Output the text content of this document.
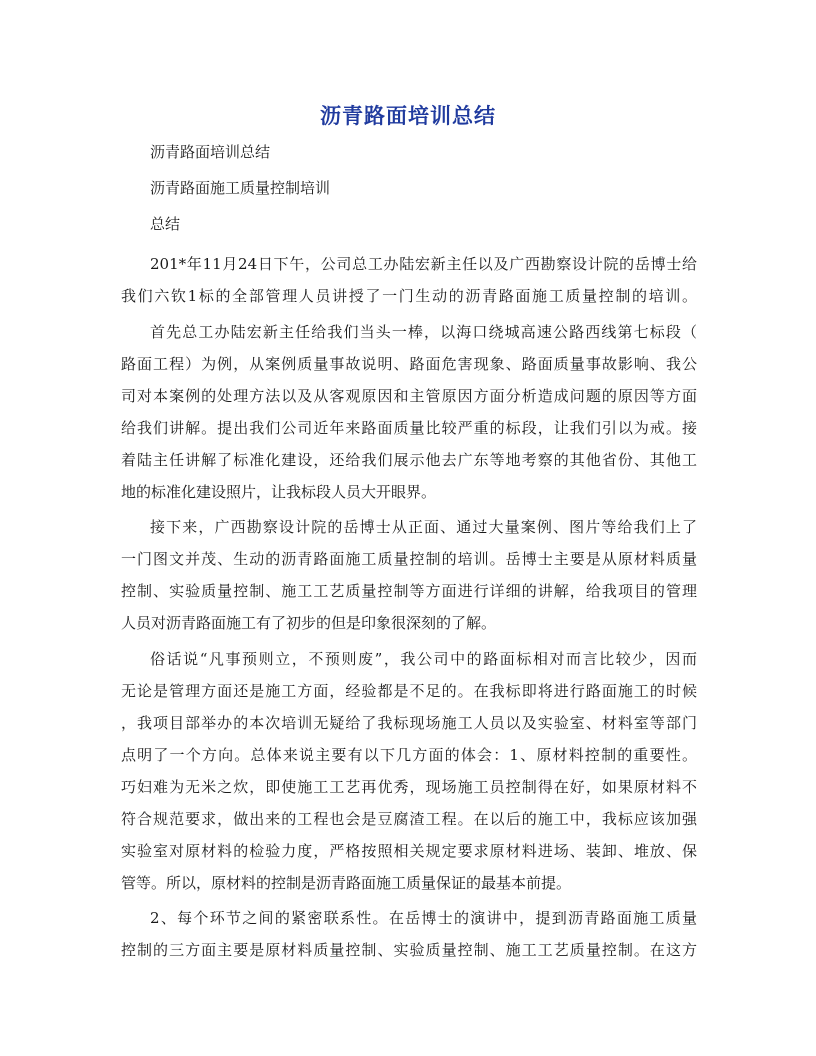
沥青路面培训总结
沥青路面培训总结
沥青路面施工质量控制培训
总结
201*年11月24日下午，公司总工办陆宏新主任以及广西勘察设计院的岳博士给
我们六钦1标的全部管理人员讲授了一门生动的沥青路面施工质量控制的培训。
首先总工办陆宏新主任给我们当头一棒，以海口绕城高速公路西线第七标段（
路面工程）为例，从案例质量事故说明、路面危害现象、路面质量事故影响、我公
司对本案例的处理方法以及从客观原因和主管原因方面分析造成问题的原因等方面
给我们讲解。提出我们公司近年来路面质量比较严重的标段，让我们引以为戒。接
着陆主任讲解了标准化建设，还给我们展示他去广东等地考察的其他省份、其他工
地的标准化建设照片，让我标段人员大开眼界。
接下来，广西勘察设计院的岳博士从正面、通过大量案例、图片等给我们上了
一门图文并茂、生动的沥青路面施工质量控制的培训。岳博士主要是从原材料质量
控制、实验质量控制、施工工艺质量控制等方面进行详细的讲解，给我项目的管理
人员对沥青路面施工有了初步的但是印象很深刻的了解。
俗话说“凡事预则立，不预则废”，我公司中的路面标相对而言比较少，因而
无论是管理方面还是施工方面，经验都是不足的。在我标即将进行路面施工的时候
，我项目部举办的本次培训无疑给了我标现场施工人员以及实验室、材料室等部门
点明了一个方向。总体来说主要有以下几方面的体会：1、原材料控制的重要性。
巧妇难为无米之炊，即使施工工艺再优秀，现场施工员控制得在好，如果原材料不
符合规范要求，做出来的工程也会是豆腐渣工程。在以后的施工中，我标应该加强
实验室对原材料的检验力度，严格按照相关规定要求原材料进场、装卸、堆放、保
管等。所以，原材料的控制是沥青路面施工质量保证的最基本前提。
2、每个环节之间的紧密联系性。在岳博士的演讲中，提到沥青路面施工质量
控制的三方面主要是原材料质量控制、实验质量控制、施工工艺质量控制。在这方
